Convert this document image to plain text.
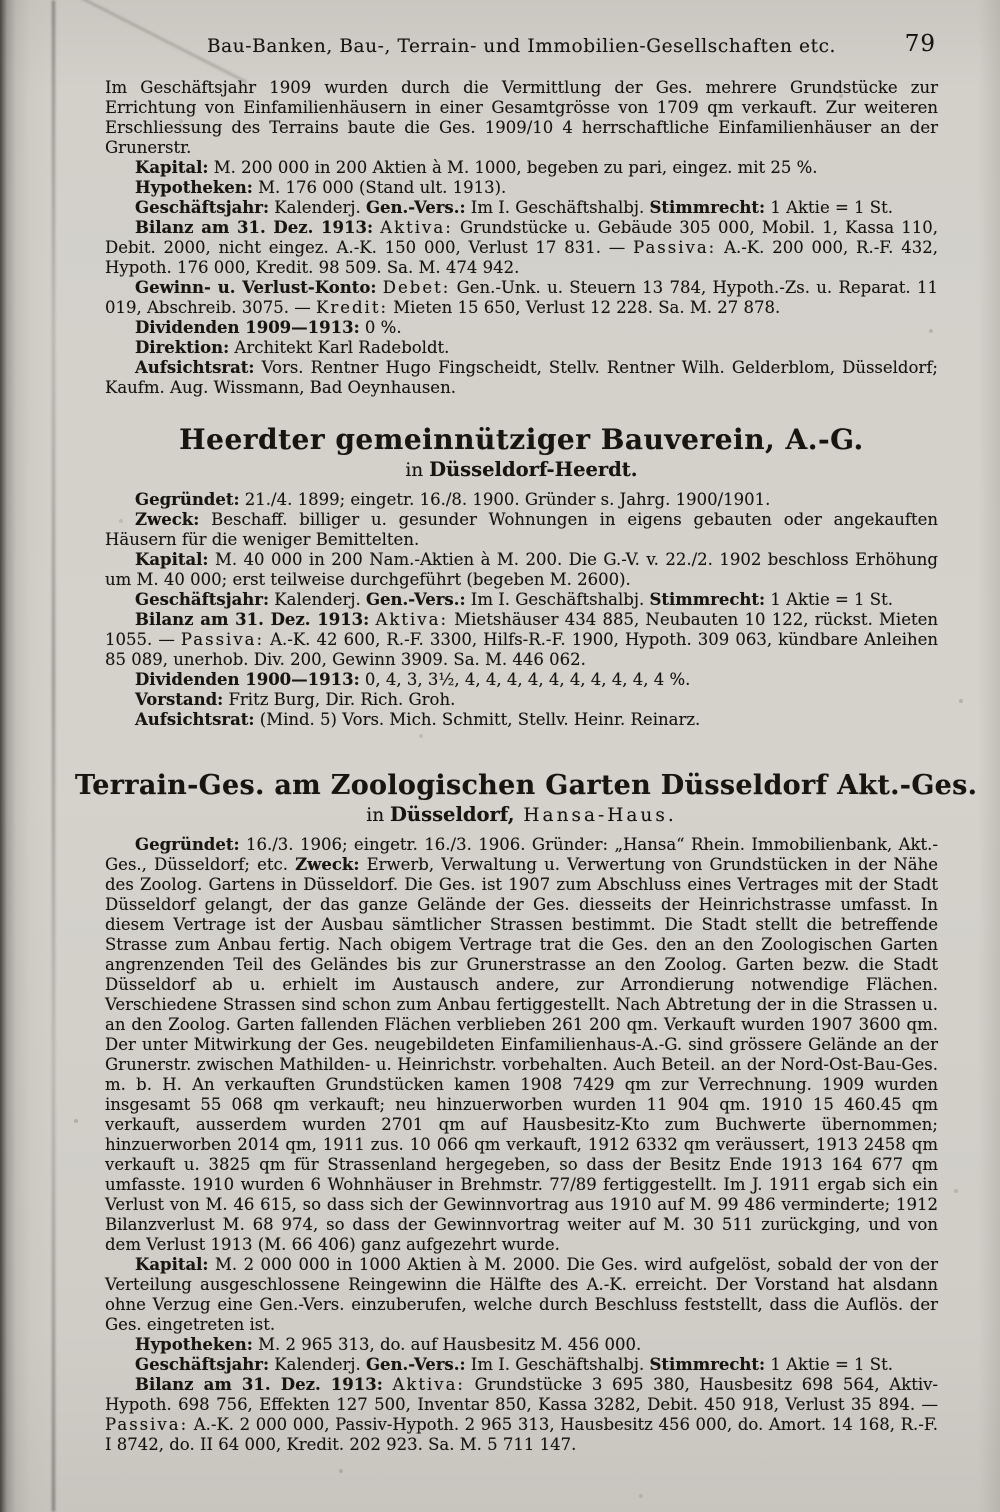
Bau-Banken, Bau-, Terrain- und Immobilien-Gesellschaften etc.	79

Im Geschäftsjahr 1909 wurden durch die Vermittlung der Ges. mehrere Grundstücke zur Errichtung von Einfamilienhäusern in einer Gesamtgrösse von 1709 qm verkauft. Zur weiteren Erschliessung des Terrains baute die Ges. 1909/10 4 herrschaftliche Einfamilienhäuser an der Grunerstr.

Kapital: M. 200 000 in 200 Aktien à M. 1000, begeben zu pari, eingez. mit 25 %.

Hypotheken: M. 176 000 (Stand ult. 1913).

Geschäftsjahr: Kalenderj. Gen.-Vers.: Im I. Geschäftshalbj. Stimmrecht: 1 Aktie = 1 St.

Bilanz am 31. Dez. 1913: Aktiva: Grundstücke u. Gebäude 305 000, Mobil. 1, Kassa 110, Debit. 2000, nicht eingez. A.-K. 150 000, Verlust 17 831. — Passiva: A.-K. 200 000, R.-F. 432, Hypoth. 176 000, Kredit. 98 509. Sa. M. 474 942.

Gewinn- u. Verlust-Konto: Debet: Gen.-Unk. u. Steuern 13 784, Hypoth.-Zs. u. Reparat. 11 019, Abschreib. 3075. — Kredit: Mieten 15 650, Verlust 12 228. Sa. M. 27 878.

Dividenden 1909—1913: 0 %.

Direktion: Architekt Karl Radeboldt.

Aufsichtsrat: Vors. Rentner Hugo Fingscheidt, Stellv. Rentner Wilh. Gelderblom, Düsseldorf; Kaufm. Aug. Wissmann, Bad Oeynhausen.

Heerdter gemeinnütziger Bauverein, A.-G.
in Düsseldorf-Heerdt.

Gegründet: 21./4. 1899; eingetr. 16./8. 1900. Gründer s. Jahrg. 1900/1901.

Zweck: Beschaff. billiger u. gesunder Wohnungen in eigens gebauten oder angekauften Häusern für die weniger Bemittelten.

Kapital: M. 40 000 in 200 Nam.-Aktien à M. 200. Die G.-V. v. 22./2. 1902 beschloss Erhöhung um M. 40 000; erst teilweise durchgeführt (begeben M. 2600).

Geschäftsjahr: Kalenderj. Gen.-Vers.: Im I. Geschäftshalbj. Stimmrecht: 1 Aktie = 1 St.

Bilanz am 31. Dez. 1913: Aktiva: Mietshäuser 434 885, Neubauten 10 122, rückst. Mieten 1055. — Passiva: A.-K. 42 600, R.-F. 3300, Hilfs-R.-F. 1900, Hypoth. 309 063, kündbare Anleihen 85 089, unerhob. Div. 200, Gewinn 3909. Sa. M. 446 062.

Dividenden 1900—1913: 0, 4, 3, 3½, 4, 4, 4, 4, 4, 4, 4, 4, 4, 4 %.

Vorstand: Fritz Burg, Dir. Rich. Groh.

Aufsichtsrat: (Mind. 5) Vors. Mich. Schmitt, Stellv. Heinr. Reinarz.

Terrain-Ges. am Zoologischen Garten Düsseldorf Akt.-Ges.
in Düsseldorf, Hansa-Haus.

Gegründet: 16./3. 1906; eingetr. 16./3. 1906. Gründer: „Hansa“ Rhein. Immobilienbank, Akt.-Ges., Düsseldorf; etc. Zweck: Erwerb, Verwaltung u. Verwertung von Grundstücken in der Nähe des Zoolog. Gartens in Düsseldorf. Die Ges. ist 1907 zum Abschluss eines Vertrages mit der Stadt Düsseldorf gelangt, der das ganze Gelände der Ges. diesseits der Heinrichstrasse umfasst. In diesem Vertrage ist der Ausbau sämtlicher Strassen bestimmt. Die Stadt stellt die betreffende Strasse zum Anbau fertig. Nach obigem Vertrage trat die Ges. den an den Zoologischen Garten angrenzenden Teil des Geländes bis zur Grunerstrasse an den Zoolog. Garten bezw. die Stadt Düsseldorf ab u. erhielt im Austausch andere, zur Arrondierung notwendige Flächen. Verschiedene Strassen sind schon zum Anbau fertiggestellt. Nach Abtretung der in die Strassen u. an den Zoolog. Garten fallenden Flächen verblieben 261 200 qm. Verkauft wurden 1907 3600 qm. Der unter Mitwirkung der Ges. neugebildeten Einfamilienhaus-A.-G. sind grössere Gelände an der Grunerstr. zwischen Mathilden- u. Heinrichstr. vorbehalten. Auch Beteil. an der Nord-Ost-Bau-Ges. m. b. H. An verkauften Grundstücken kamen 1908 7429 qm zur Verrechnung. 1909 wurden insgesamt 55 068 qm verkauft; neu hinzuerworben wurden 11 904 qm. 1910 15 460.45 qm verkauft, ausserdem wurden 2701 qm auf Hausbesitz-Kto zum Buchwerte übernommen; hinzuerworben 2014 qm, 1911 zus. 10 066 qm verkauft, 1912 6332 qm veräussert, 1913 2458 qm verkauft u. 3825 qm für Strassenland hergegeben, so dass der Besitz Ende 1913 164 677 qm umfasste. 1910 wurden 6 Wohnhäuser in Brehmstr. 77/89 fertiggestellt. Im J. 1911 ergab sich ein Verlust von M. 46 615, so dass sich der Gewinnvortrag aus 1910 auf M. 99 486 verminderte; 1912 Bilanzverlust M. 68 974, so dass der Gewinnvortrag weiter auf M. 30 511 zurückging, und von dem Verlust 1913 (M. 66 406) ganz aufgezehrt wurde.

Kapital: M. 2 000 000 in 1000 Aktien à M. 2000. Die Ges. wird aufgelöst, sobald der von der Verteilung ausgeschlossene Reingewinn die Hälfte des A.-K. erreicht. Der Vorstand hat alsdann ohne Verzug eine Gen.-Vers. einzuberufen, welche durch Beschluss feststellt, dass die Auflös. der Ges. eingetreten ist.

Hypotheken: M. 2 965 313, do. auf Hausbesitz M. 456 000.

Geschäftsjahr: Kalenderj. Gen.-Vers.: Im I. Geschäftshalbj. Stimmrecht: 1 Aktie = 1 St.

Bilanz am 31. Dez. 1913: Aktiva: Grundstücke 3 695 380, Hausbesitz 698 564, Aktiv-Hypoth. 698 756, Effekten 127 500, Inventar 850, Kassa 3282, Debit. 450 918, Verlust 35 894. — Passiva: A.-K. 2 000 000, Passiv-Hypoth. 2 965 313, Hausbesitz 456 000, do. Amort. 14 168, R.-F. I 8742, do. II 64 000, Kredit. 202 923. Sa. M. 5 711 147.
